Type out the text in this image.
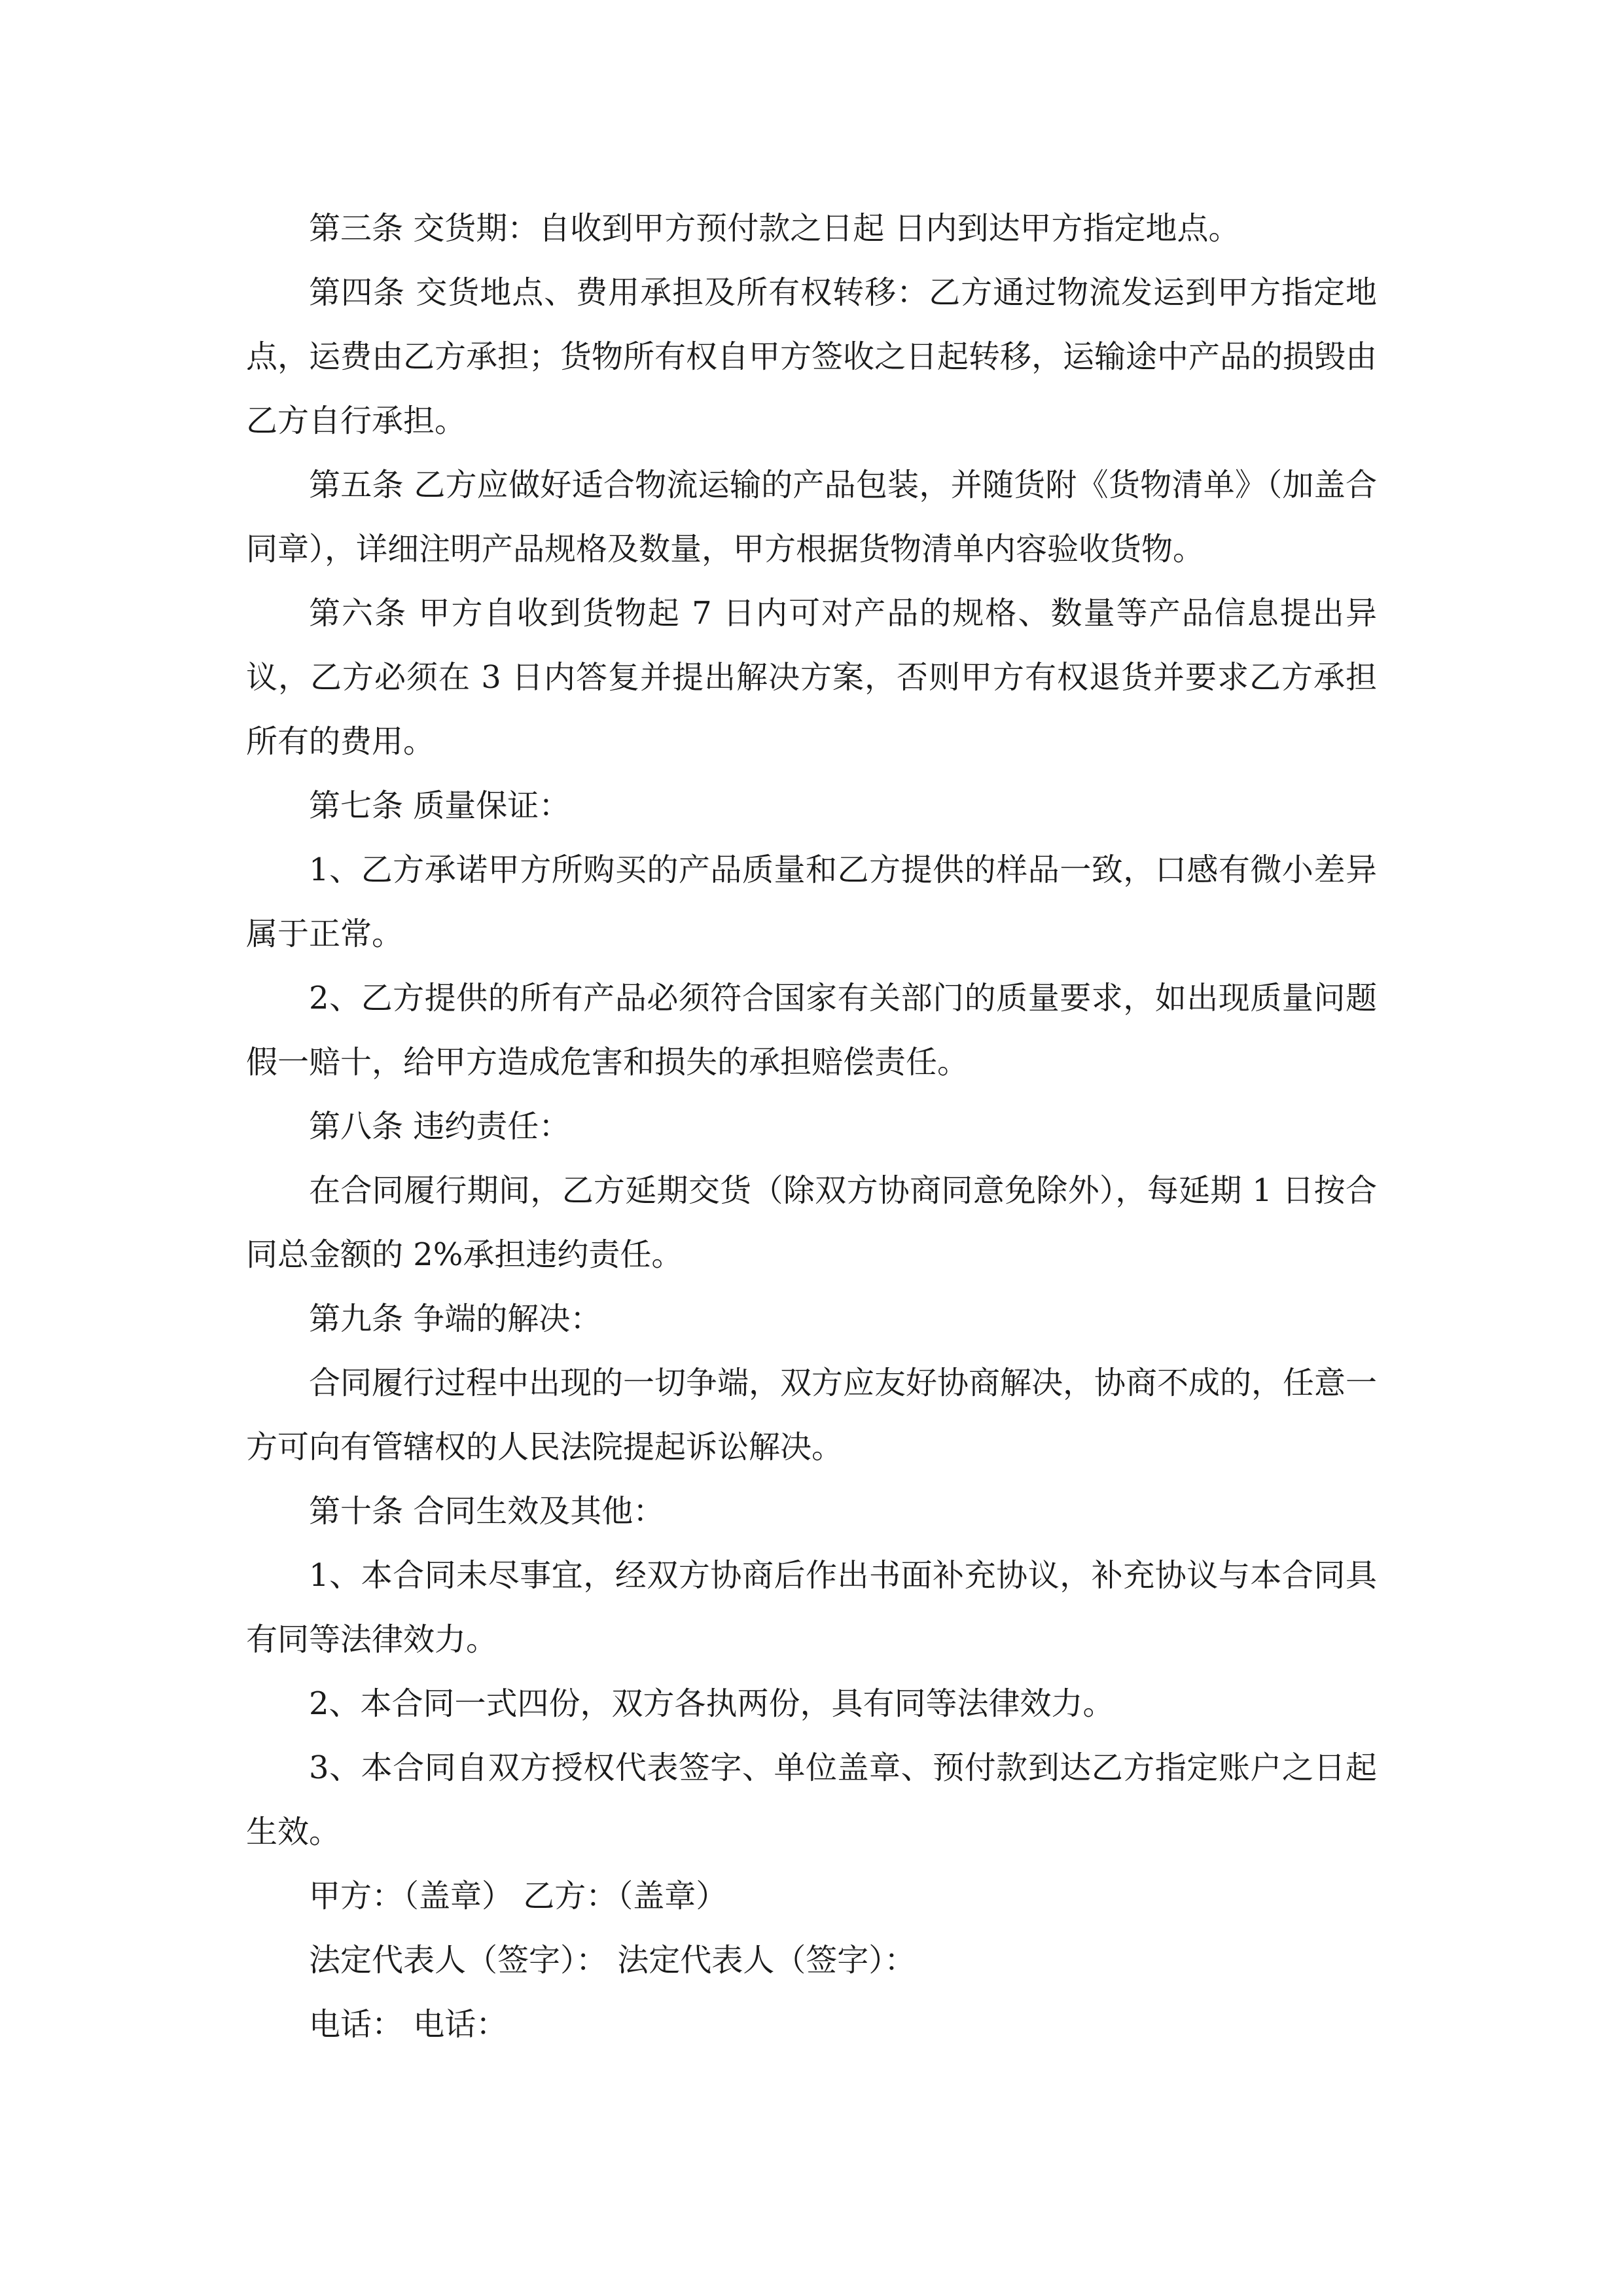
第三条 交货期：自收到甲方预付款之日起 日内到达甲方指定地点。

第四条 交货地点、费用承担及所有权转移：乙方通过物流发运到甲方指定地点，运费由乙方承担；货物所有权自甲方签收之日起转移，运输途中产品的损毁由乙方自行承担。

第五条 乙方应做好适合物流运输的产品包装，并随货附《货物清单》（加盖合同章），详细注明产品规格及数量，甲方根据货物清单内容验收货物。

第六条 甲方自收到货物起 7 日内可对产品的规格、数量等产品信息提出异议，乙方必须在 3 日内答复并提出解决方案，否则甲方有权退货并要求乙方承担所有的费用。

第七条 质量保证：

1、乙方承诺甲方所购买的产品质量和乙方提供的样品一致，口感有微小差异属于正常。

2、乙方提供的所有产品必须符合国家有关部门的质量要求，如出现质量问题假一赔十，给甲方造成危害和损失的承担赔偿责任。

第八条 违约责任：

在合同履行期间，乙方延期交货（除双方协商同意免除外），每延期 1 日按合同总金额的 2%承担违约责任。

第九条 争端的解决：

合同履行过程中出现的一切争端，双方应友好协商解决，协商不成的，任意一方可向有管辖权的人民法院提起诉讼解决。

第十条 合同生效及其他：

1、本合同未尽事宜，经双方协商后作出书面补充协议，补充协议与本合同具有同等法律效力。

2、本合同一式四份，双方各执两份，具有同等法律效力。

3、本合同自双方授权代表签字、单位盖章、预付款到达乙方指定账户之日起生效。

甲方：（盖章） 乙方：（盖章）

法定代表人（签字）： 法定代表人（签字）：

电话： 电话：
